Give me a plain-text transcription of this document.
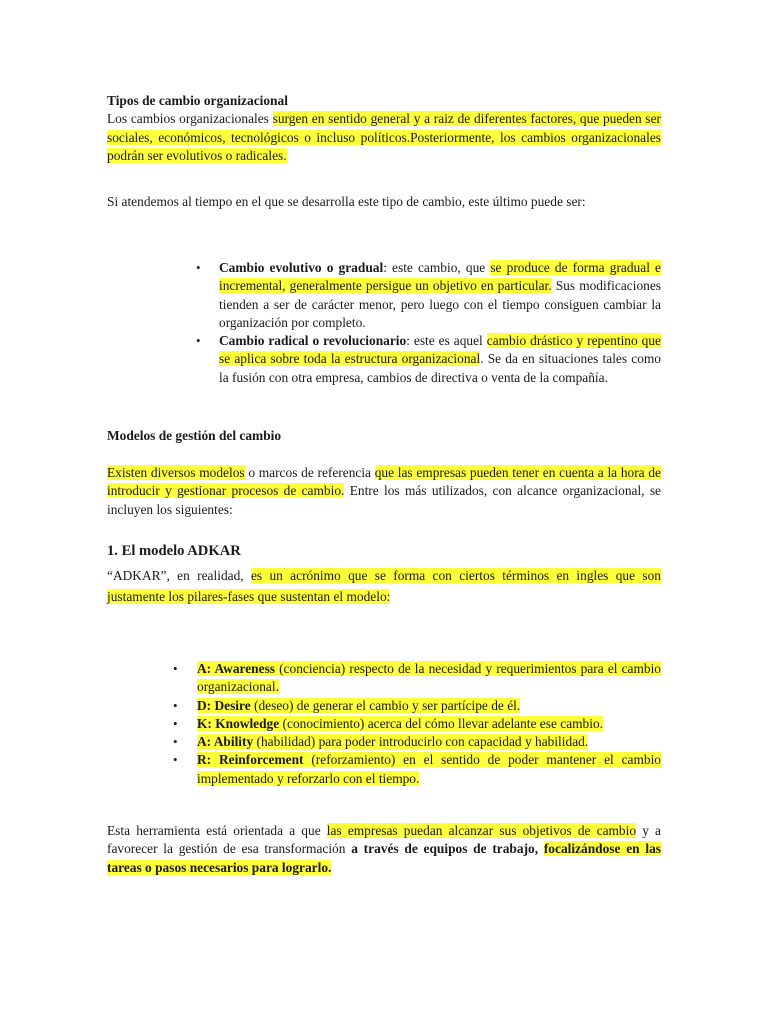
Tipos de cambio organizacional

Los cambios organizacionales surgen en sentido general y a raiz de diferentes factores, que pueden ser sociales, económicos, tecnológicos o incluso políticos.Posteriormente, los cambios organizacionales podrán ser evolutivos o radicales.

Si atendemos al tiempo en el que se desarrolla este tipo de cambio, este último puede ser:

• Cambio evolutivo o gradual: este cambio, que se produce de forma gradual e incremental, generalmente persigue un objetivo en particular. Sus modificaciones tienden a ser de carácter menor, pero luego con el tiempo consiguen cambiar la organización por completo.
• Cambio radical o revolucionario: este es aquel cambio drástico y repentino que se aplica sobre toda la estructura organizacional. Se da en situaciones tales como la fusión con otra empresa, cambios de directiva o venta de la compañía.
Modelos de gestión del cambio

Existen diversos modelos o marcos de referencia que las empresas pueden tener en cuenta a la hora de introducir y gestionar procesos de cambio. Entre los más utilizados, con alcance organizacional, se incluyen los siguientes:

1. El modelo ADKAR

“ADKAR”, en realidad, es un acrónimo que se forma con ciertos términos en ingles que son justamente los pilares-fases que sustentan el modelo:

• A: Awareness (conciencia) respecto de la necesidad y requerimientos para el cambio organizacional.
• D: Desire (deseo) de generar el cambio y ser partícipe de él.
• K: Knowledge (conocimiento) acerca del cómo llevar adelante ese cambio.
• A: Ability (habilidad) para poder introducirlo con capacidad y habilidad.
• R: Reinforcement (reforzamiento) en el sentido de poder mantener el cambio implementado y reforzarlo con el tiempo.

Esta herramienta está orientada a que las empresas puedan alcanzar sus objetivos de cambio y a favorecer la gestión de esa transformación a través de equipos de trabajo, focalizándose en las tareas o pasos necesarios para lograrlo.
